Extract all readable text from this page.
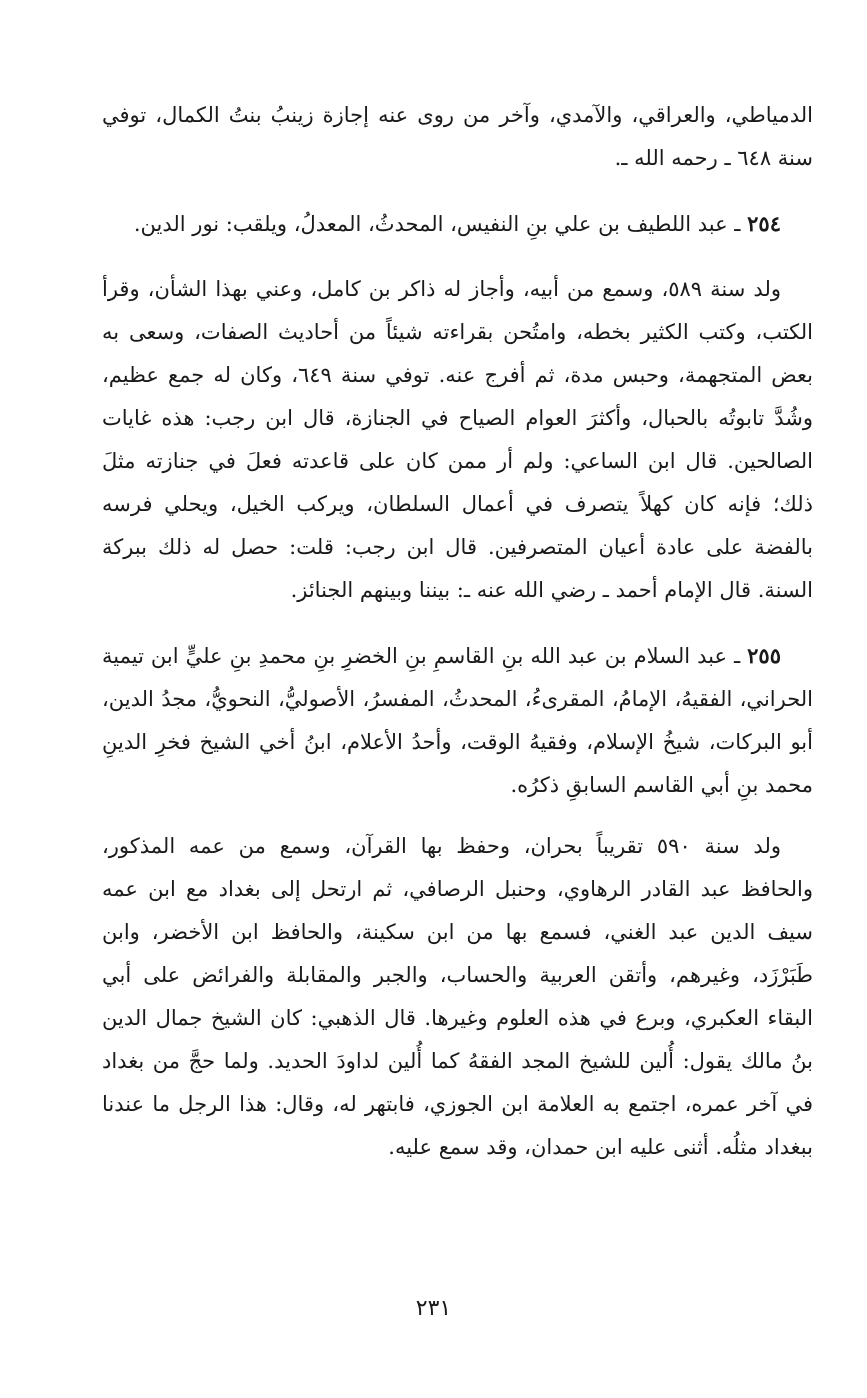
الدمياطي، والعراقي، والآمدي، وآخر من روى عنه إجازة زينبُ بنتُ الكمال، توفي سنة ٦٤٨ ـ رحمه الله ـ.

٢٥٤ ـ عبد اللطيف بن علي بنِ النفيس، المحدثُ، المعدلُ، ويلقب: نور الدين.

ولد سنة ٥٨٩، وسمع من أبيه، وأجاز له ذاكر بن كامل، وعني بهذا الشأن، وقرأ الكتب، وكتب الكثير بخطه، وامتُحن بقراءته شيئاً من أحاديث الصفات، وسعى به بعض المتجهمة، وحبس مدة، ثم أفرج عنه. توفي سنة ٦٤٩، وكان له جمع عظيم، وشُدَّ تابوتُه بالحبال، وأكثرَ العوام الصياح في الجنازة، قال ابن رجب: هذه غايات الصالحين. قال ابن الساعي: ولم أر ممن كان على قاعدته فعلَ في جنازته مثلَ ذلك؛ فإنه كان كهلاً يتصرف في أعمال السلطان، ويركب الخيل، ويحلي فرسه بالفضة على عادة أعيان المتصرفين. قال ابن رجب: قلت: حصل له ذلك ببركة السنة. قال الإمام أحمد ـ رضي الله عنه ـ: بيننا وبينهم الجنائز.

٢٥٥ ـ عبد السلام بن عبد الله بنِ القاسمِ بنِ الخضرِ بنِ محمدِ بنِ عليٍّ ابن تيمية الحراني، الفقيهُ، الإمامُ، المقرىءُ، المحدثُ، المفسرُ، الأصوليُّ، النحويُّ، مجدُ الدين، أبو البركات، شيخُ الإسلام، وفقيهُ الوقت، وأحدُ الأعلام، ابنُ أخي الشيخ فخرِ الدينِ محمد بنِ أبي القاسم السابقِ ذكرُه.

ولد سنة ٥٩٠ تقريباً بحران، وحفظ بها القرآن، وسمع من عمه المذكور، والحافظ عبد القادر الرهاوي، وحنبل الرصافي، ثم ارتحل إلى بغداد مع ابن عمه سيف الدين عبد الغني، فسمع بها من ابن سكينة، والحافظ ابن الأخضر، وابن طَبَرْزَد، وغيرهم، وأتقن العربية والحساب، والجبر والمقابلة والفرائض على أبي البقاء العكبري، وبرع في هذه العلوم وغيرها. قال الذهبي: كان الشيخ جمال الدين بنُ مالك يقول: أُلين للشيخ المجد الفقهُ كما أُلين لداودَ الحديد. ولما حجَّ من بغداد في آخر عمره، اجتمع به العلامة ابن الجوزي، فابتهر له، وقال: هذا الرجل ما عندنا ببغداد مثلُه. أثنى عليه ابن حمدان، وقد سمع عليه.

٢٣١
